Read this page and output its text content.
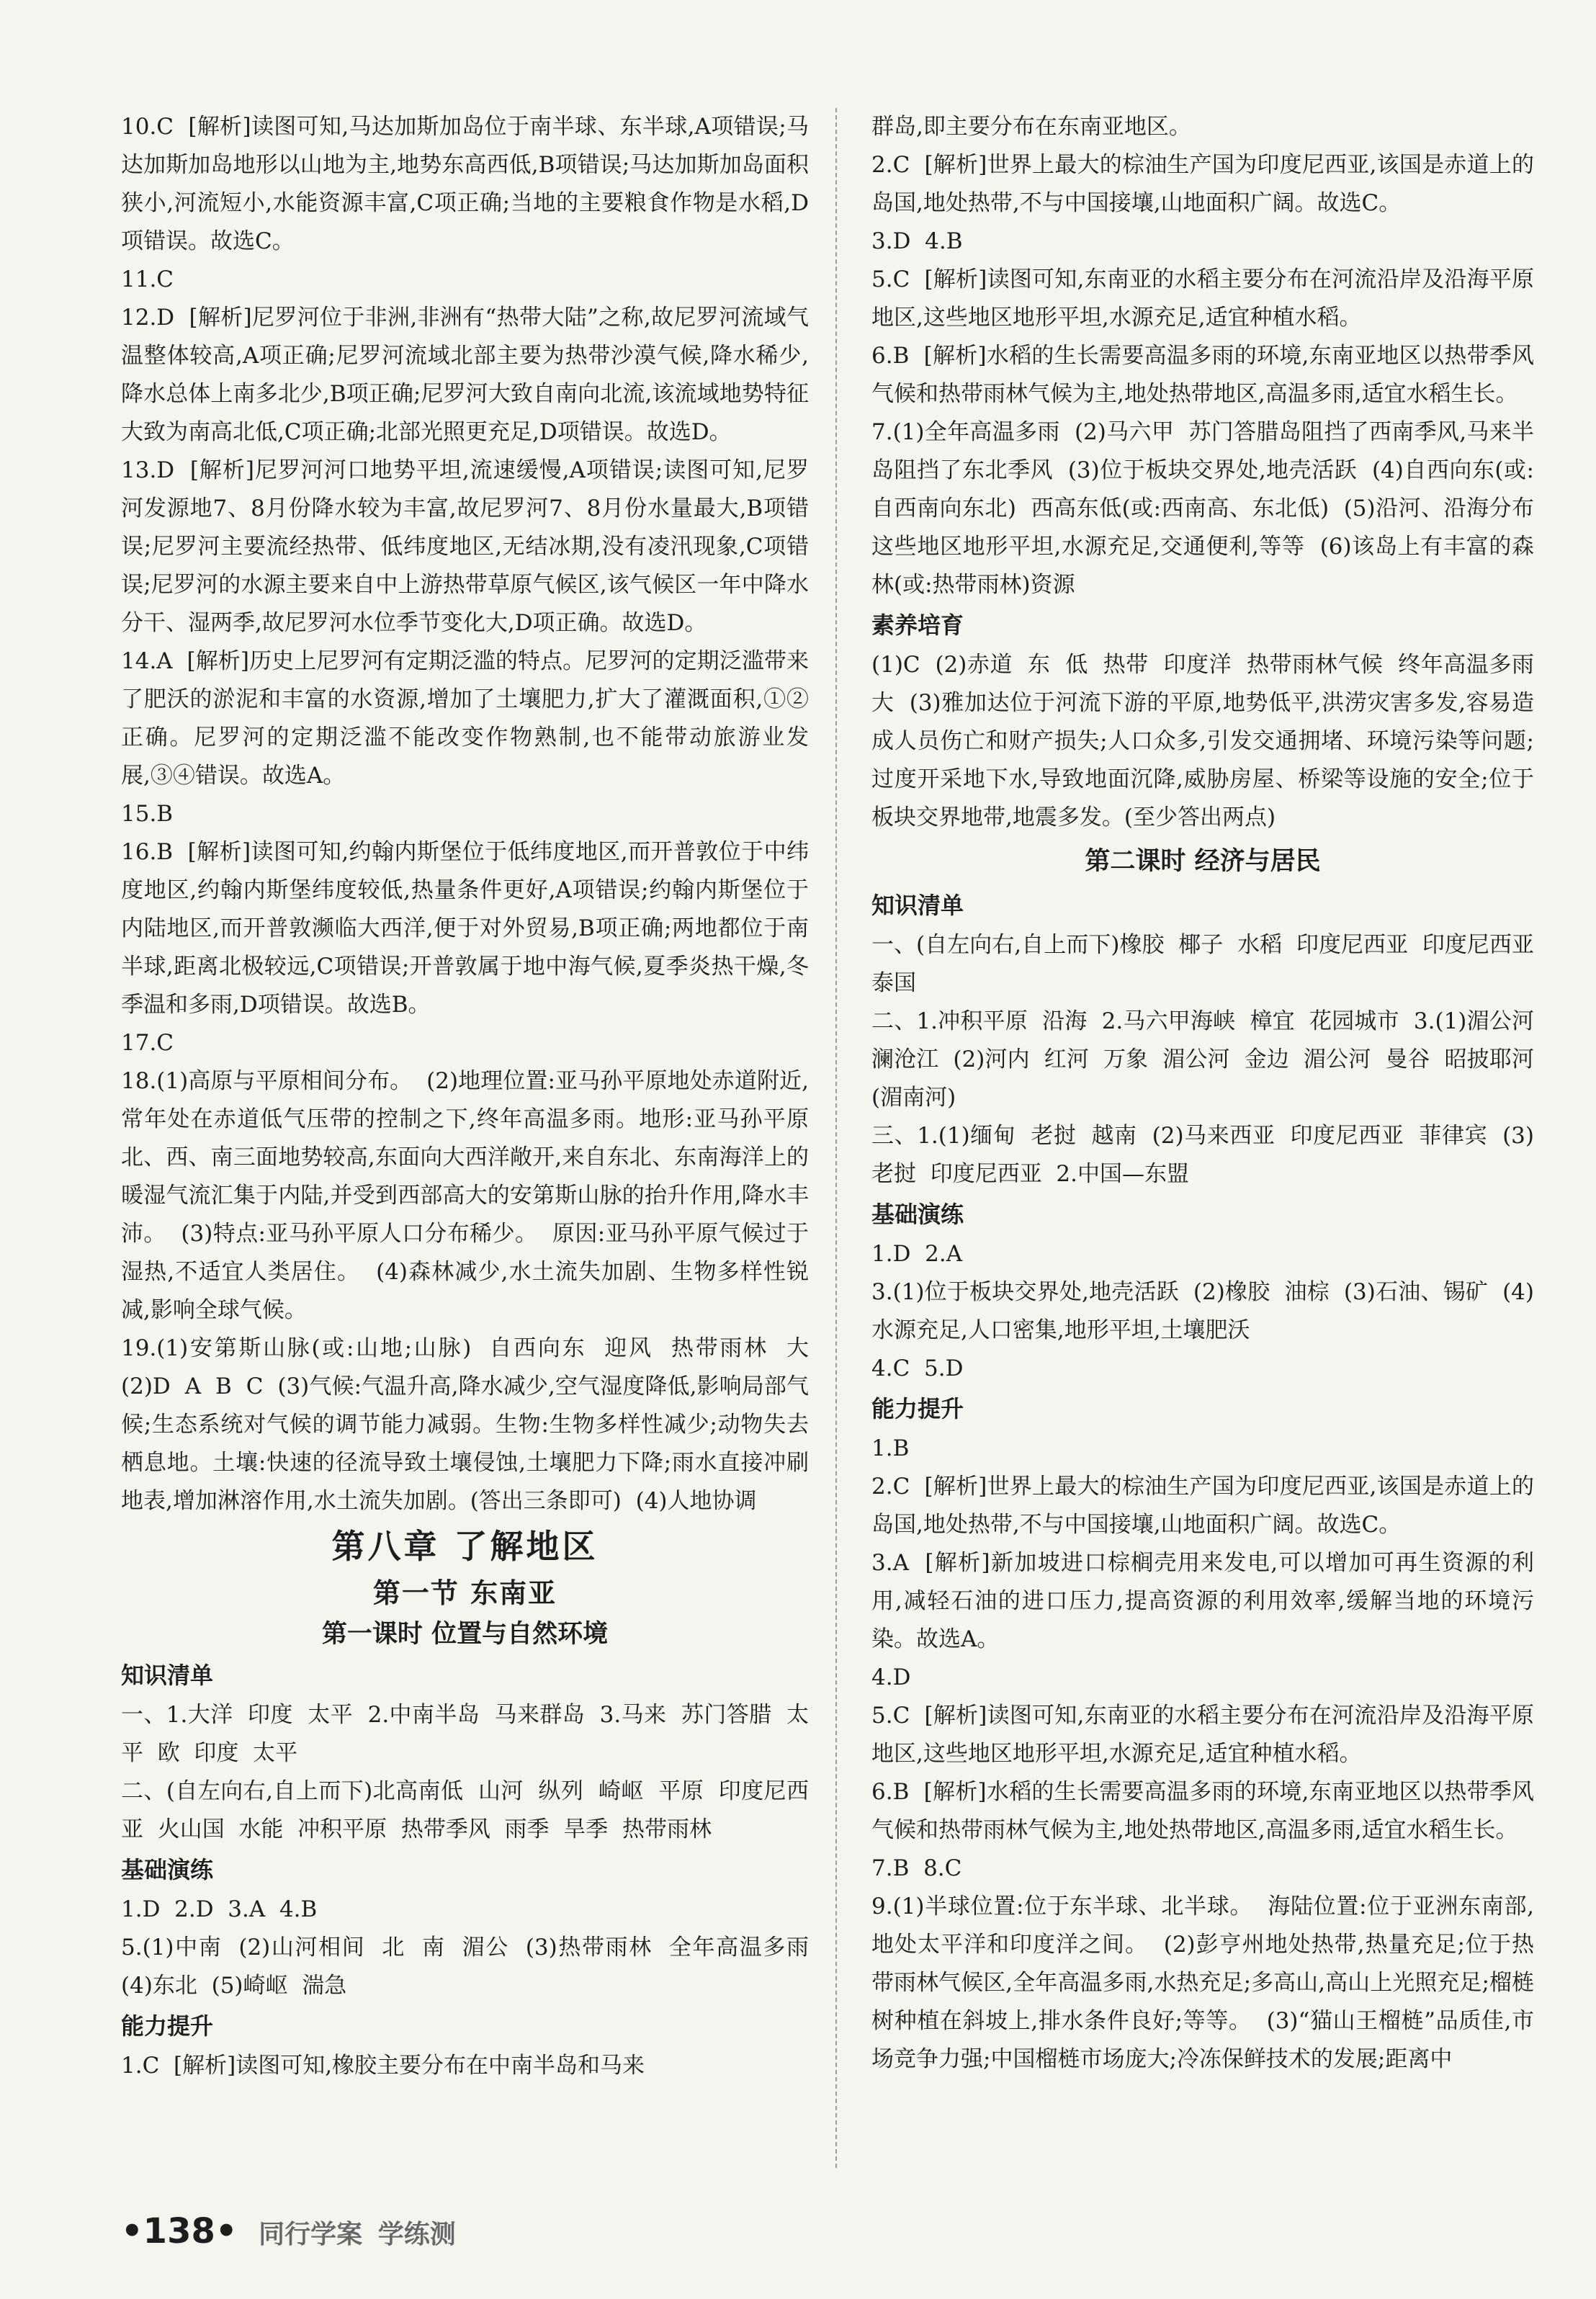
10.C  [解析]读图可知,马达加斯加岛位于南半球、东半球,A项错误;马达加斯加岛地形以山地为主,地势东高西低,B项错误;马达加斯加岛面积狭小,河流短小,水能资源丰富,C项正确;当地的主要粮食作物是水稻,D项错误。故选C。

11.C

12.D  [解析]尼罗河位于非洲,非洲有“热带大陆”之称,故尼罗河流域气温整体较高,A项正确;尼罗河流域北部主要为热带沙漠气候,降水稀少,降水总体上南多北少,B项正确;尼罗河大致自南向北流,该流域地势特征大致为南高北低,C项正确;北部光照更充足,D项错误。故选D。

13.D  [解析]尼罗河河口地势平坦,流速缓慢,A项错误;读图可知,尼罗河发源地7、8月份降水较为丰富,故尼罗河7、8月份水量最大,B项错误;尼罗河主要流经热带、低纬度地区,无结冰期,没有凌汛现象,C项错误;尼罗河的水源主要来自中上游热带草原气候区,该气候区一年中降水分干、湿两季,故尼罗河水位季节变化大,D项正确。故选D。

14.A  [解析]历史上尼罗河有定期泛滥的特点。尼罗河的定期泛滥带来了肥沃的淤泥和丰富的水资源,增加了土壤肥力,扩大了灌溉面积,①②正确。尼罗河的定期泛滥不能改变作物熟制,也不能带动旅游业发展,③④错误。故选A。

15.B

16.B  [解析]读图可知,约翰内斯堡位于低纬度地区,而开普敦位于中纬度地区,约翰内斯堡纬度较低,热量条件更好,A项错误;约翰内斯堡位于内陆地区,而开普敦濒临大西洋,便于对外贸易,B项正确;两地都位于南半球,距离北极较远,C项错误;开普敦属于地中海气候,夏季炎热干燥,冬季温和多雨,D项错误。故选B。

17.C

18.(1)高原与平原相间分布。  (2)地理位置:亚马孙平原地处赤道附近,常年处在赤道低气压带的控制之下,终年高温多雨。地形:亚马孙平原北、西、南三面地势较高,东面向大西洋敞开,来自东北、东南海洋上的暖湿气流汇集于内陆,并受到西部高大的安第斯山脉的抬升作用,降水丰沛。  (3)特点:亚马孙平原人口分布稀少。  原因:亚马孙平原气候过于湿热,不适宜人类居住。  (4)森林减少,水土流失加剧、生物多样性锐减,影响全球气候。

19.(1)安第斯山脉(或:山地;山脉)  自西向东  迎风  热带雨林  大  (2)D  A  B  C  (3)气候:气温升高,降水减少,空气湿度降低,影响局部气候;生态系统对气候的调节能力减弱。生物:生物多样性减少;动物失去栖息地。土壤:快速的径流导致土壤侵蚀,土壤肥力下降;雨水直接冲刷地表,增加淋溶作用,水土流失加剧。(答出三条即可)  (4)人地协调

第八章 了解地区
第一节 东南亚
第一课时 位置与自然环境
知识清单

一、1.大洋  印度  太平  2.中南半岛  马来群岛  3.马来  苏门答腊  太平  欧  印度  太平

二、(自左向右,自上而下)北高南低  山河  纵列  崎岖  平原  印度尼西亚  火山国  水能  冲积平原  热带季风  雨季  旱季  热带雨林

基础演练

1.D  2.D  3.A  4.B

5.(1)中南  (2)山河相间  北  南  湄公  (3)热带雨林  全年高温多雨  (4)东北  (5)崎岖  湍急

能力提升

1.C  [解析]读图可知,橡胶主要分布在中南半岛和马来

群岛,即主要分布在东南亚地区。

2.C  [解析]世界上最大的棕油生产国为印度尼西亚,该国是赤道上的岛国,地处热带,不与中国接壤,山地面积广阔。故选C。

3.D  4.B

5.C  [解析]读图可知,东南亚的水稻主要分布在河流沿岸及沿海平原地区,这些地区地形平坦,水源充足,适宜种植水稻。

6.B  [解析]水稻的生长需要高温多雨的环境,东南亚地区以热带季风气候和热带雨林气候为主,地处热带地区,高温多雨,适宜水稻生长。

7.(1)全年高温多雨  (2)马六甲  苏门答腊岛阻挡了西南季风,马来半岛阻挡了东北季风  (3)位于板块交界处,地壳活跃  (4)自西向东(或:自西南向东北)  西高东低(或:西南高、东北低)  (5)沿河、沿海分布  这些地区地形平坦,水源充足,交通便利,等等  (6)该岛上有丰富的森林(或:热带雨林)资源

素养培育

(1)C  (2)赤道  东  低  热带  印度洋  热带雨林气候  终年高温多雨  大  (3)雅加达位于河流下游的平原,地势低平,洪涝灾害多发,容易造成人员伤亡和财产损失;人口众多,引发交通拥堵、环境污染等问题;过度开采地下水,导致地面沉降,威胁房屋、桥梁等设施的安全;位于板块交界地带,地震多发。(至少答出两点)

第二课时 经济与居民
知识清单

一、(自左向右,自上而下)橡胶  椰子  水稻  印度尼西亚  印度尼西亚  泰国

二、1.冲积平原  沿海  2.马六甲海峡  樟宜  花园城市  3.(1)湄公河  澜沧江  (2)河内  红河  万象  湄公河  金边  湄公河  曼谷  昭披耶河(湄南河)

三、1.(1)缅甸  老挝  越南  (2)马来西亚  印度尼西亚  菲律宾  (3)老挝  印度尼西亚  2.中国—东盟

基础演练

1.D  2.A

3.(1)位于板块交界处,地壳活跃  (2)橡胶  油棕  (3)石油、锡矿  (4)水源充足,人口密集,地形平坦,土壤肥沃

4.C  5.D

能力提升

1.B

2.C  [解析]世界上最大的棕油生产国为印度尼西亚,该国是赤道上的岛国,地处热带,不与中国接壤,山地面积广阔。故选C。

3.A  [解析]新加坡进口棕榈壳用来发电,可以增加可再生资源的利用,减轻石油的进口压力,提高资源的利用效率,缓解当地的环境污染。故选A。

4.D

5.C  [解析]读图可知,东南亚的水稻主要分布在河流沿岸及沿海平原地区,这些地区地形平坦,水源充足,适宜种植水稻。

6.B  [解析]水稻的生长需要高温多雨的环境,东南亚地区以热带季风气候和热带雨林气候为主,地处热带地区,高温多雨,适宜水稻生长。

7.B  8.C

9.(1)半球位置:位于东半球、北半球。  海陆位置:位于亚洲东南部,地处太平洋和印度洋之间。  (2)彭亨州地处热带,热量充足;位于热带雨林气候区,全年高温多雨,水热充足;多高山,高山上光照充足;榴梿树种植在斜坡上,排水条件良好;等等。  (3)“猫山王榴梿”品质佳,市场竞争力强;中国榴梿市场庞大;冷冻保鲜技术的发展;距离中

•138• 同行学案 学练测
